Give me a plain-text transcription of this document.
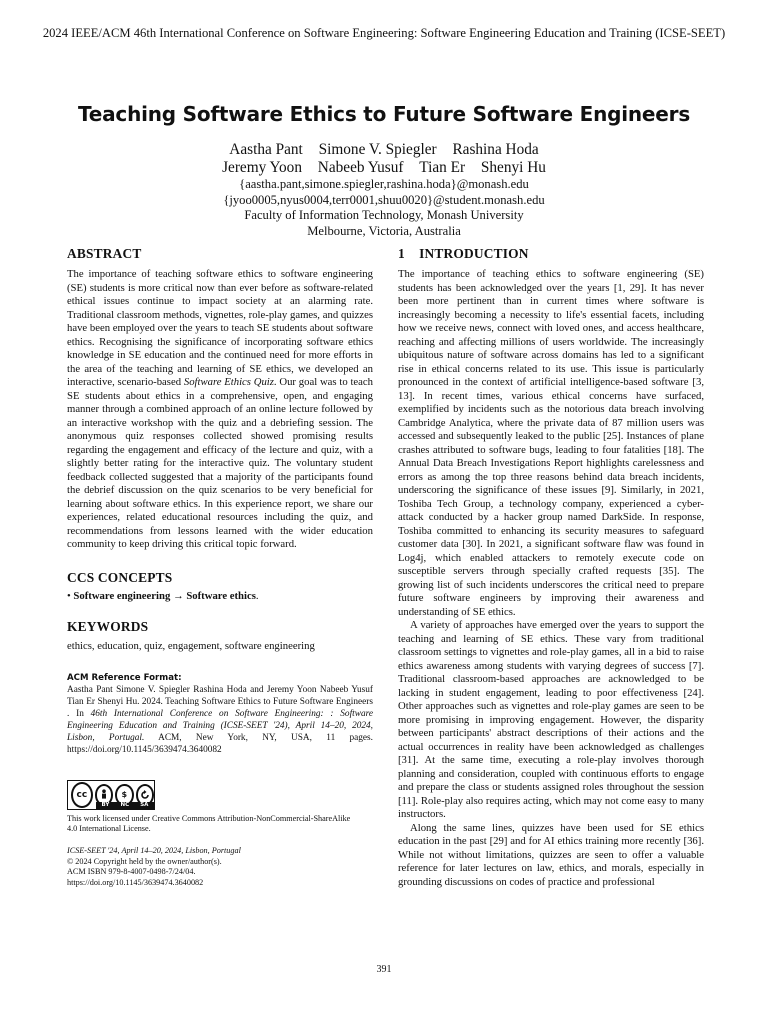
2024 IEEE/ACM 46th International Conference on Software Engineering: Software Engineering Education and Training (ICSE-SEET)
Teaching Software Ethics to Future Software Engineers
Aastha Pant Simone V. Spiegler Rashina Hoda
Jeremy Yoon Nabeeb Yusuf Tian Er Shenyi Hu
{aastha.pant,simone.spiegler,rashina.hoda}@monash.edu
{jyoo0005,nyus0004,terr0001,shuu0020}@student.monash.edu
Faculty of Information Technology, Monash University
Melbourne, Victoria, Australia
ABSTRACT

The importance of teaching software ethics to software engineering (SE) students is more critical now than ever before as software-related ethical issues continue to impact society at an alarming rate. Traditional classroom methods, vignettes, role-play games, and quizzes have been employed over the years to teach SE students about software ethics. Recognising the significance of incorporating software ethics knowledge in SE education and the continued need for more efforts in the area of the teaching and learning of SE ethics, we developed an interactive, scenario-based Software Ethics Quiz. Our goal was to teach SE students about ethics in a comprehensive, open, and engaging manner through a combined approach of an online lecture followed by an interactive workshop with the quiz and a debriefing session. The anonymous quiz responses collected showed promising results regarding the engagement and efficacy of the lecture and quiz, with a slightly better rating for the interactive quiz. The voluntary student feedback collected suggested that a majority of the participants found the debrief discussion on the quiz scenarios to be very beneficial for learning about software ethics. In this experience report, we share our experiences, related educational resources including the quiz, and recommendations from lessons learned with the wider education community to keep driving this critical topic forward.

CCS CONCEPTS

• Software engineering → Software ethics.

KEYWORDS

ethics, education, quiz, engagement, software engineering

ACM Reference Format:
Aastha Pant Simone V. Spiegler Rashina Hoda and Jeremy Yoon Nabeeb Yusuf Tian Er Shenyi Hu. 2024. Teaching Software Ethics to Future Software Engineers . In 46th International Conference on Software Engineering: : Software Engineering Education and Training (ICSE-SEET '24), April 14–20, 2024, Lisbon, Portugal. ACM, New York, NY, USA, 11 pages. https://doi.org/10.1145/3639474.3640082
cc	$
BY NC SA

This work licensed under Creative Commons Attribution-NonCommercial-ShareAlike

4.0 International License.

ICSE-SEET '24, April 14–20, 2024, Lisbon, Portugal

© 2024 Copyright held by the owner/author(s).

ACM ISBN 979-8-4007-0498-7/24/04.

https://doi.org/10.1145/3639474.3640082

1    INTRODUCTION

The importance of teaching ethics to software engineering (SE) students has been acknowledged over the years [1, 29]. It has never been more pertinent than in current times where software is increasingly becoming a necessity to life's essential facets, including how we receive news, connect with loved ones, and access healthcare, reaching and affecting millions of users worldwide. The increasingly ubiquitous nature of software across domains has led to a significant rise in ethical concerns related to its use. This issue is particularly pronounced in the context of artificial intelligence-based software [3, 13]. In recent times, various ethical concerns have surfaced, exemplified by incidents such as the notorious data breach involving Cambridge Analytica, where the private data of 87 million users was accessed and subsequently leaked to the public [25]. Instances of plane crashes attributed to software bugs, leading to four fatalities [18]. The Annual Data Breach Investigations Report highlights carelessness and errors as among the top three reasons behind data breach incidents, underscoring the significance of these issues [9]. Similarly, in 2021, Toshiba Tech Group, a technology company, experienced a cyber-attack conducted by a hacker group named DarkSide. In response, Toshiba committed to enhancing its security measures to safeguard customer data [30]. In 2021, a significant software flaw was found in Log4j, which enabled attackers to remotely execute code on susceptible servers through specially crafted requests [35]. The growing list of such incidents underscores the critical need to prepare future software engineers by improving their awareness and understanding of SE ethics.

A variety of approaches have emerged over the years to support the teaching and learning of SE ethics. These vary from traditional classroom settings to vignettes and role-play games, all in a bid to raise ethics awareness among students with varying degrees of success [7]. Traditional classroom-based approaches are acknowledged to be lacking in student engagement, leading to poor effectiveness [24]. Other approaches such as vignettes and role-play games are seen to be more promising in improving engagement. However, the disparity between participants' abstract descriptions of their actions and the actual occurrences in reality have been acknowledged as challenges [31]. At the same time, executing a role-play involves thorough planning and consideration, coupled with continuous efforts to engage and prepare the class or students assigned roles throughout the session [11]. Role-play also requires acting, which may not come easy to many instructors.

Along the same lines, quizzes have been used for SE ethics education in the past [29] and for AI ethics training more recently [36]. While not without limitations, quizzes are seen to offer a valuable reference for later lectures on law, ethics, and morals, especially in grounding discussions on codes of practice and professional

391
